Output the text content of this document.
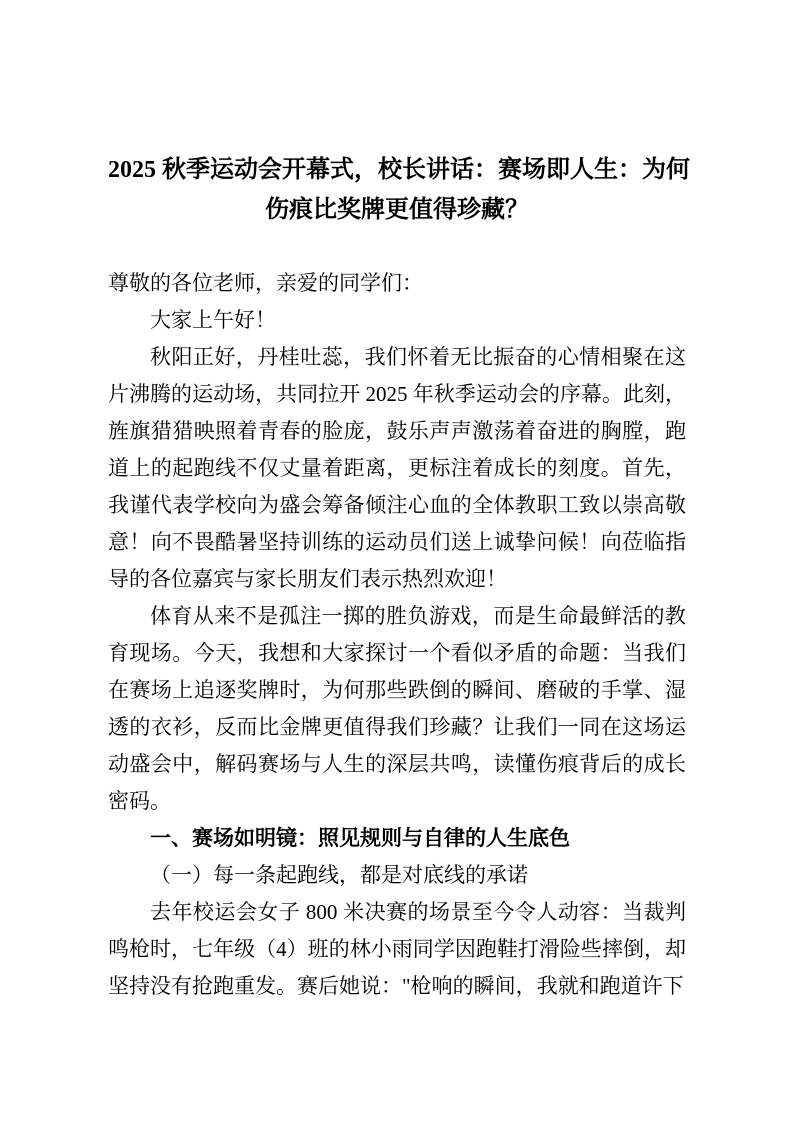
2025 秋季运动会开幕式，校长讲话：赛场即人生：为何
伤痕比奖牌更值得珍藏？

尊敬的各位老师，亲爱的同学们：

大家上午好！

秋阳正好，丹桂吐蕊，我们怀着无比振奋的心情相聚在这片沸腾的运动场，共同拉开 2025 年秋季运动会的序幕。此刻，旌旗猎猎映照着青春的脸庞，鼓乐声声激荡着奋进的胸膛，跑道上的起跑线不仅丈量着距离，更标注着成长的刻度。首先，我谨代表学校向为盛会筹备倾注心血的全体教职工致以崇高敬意！向不畏酷暑坚持训练的运动员们送上诚挚问候！向莅临指导的各位嘉宾与家长朋友们表示热烈欢迎！

体育从来不是孤注一掷的胜负游戏，而是生命最鲜活的教育现场。今天，我想和大家探讨一个看似矛盾的命题：当我们在赛场上追逐奖牌时，为何那些跌倒的瞬间、磨破的手掌、湿透的衣衫，反而比金牌更值得我们珍藏？让我们一同在这场运动盛会中，解码赛场与人生的深层共鸣，读懂伤痕背后的成长密码。

一、赛场如明镜：照见规则与自律的人生底色

（一）每一条起跑线，都是对底线的承诺

去年校运会女子 800 米决赛的场景至今令人动容：当裁判鸣枪时，七年级（4）班的林小雨同学因跑鞋打滑险些摔倒，却坚持没有抢跑重发。赛后她说："枪响的瞬间，我就和跑道许下
